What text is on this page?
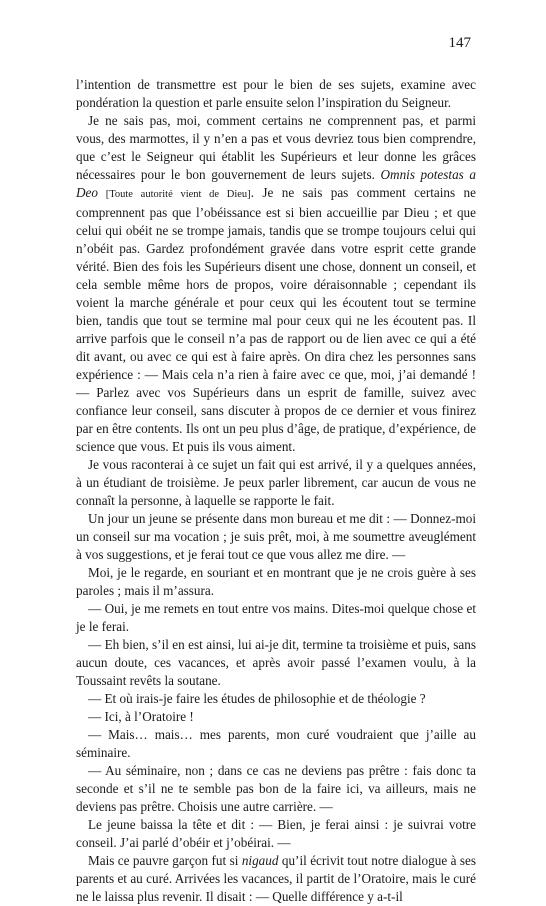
147

l’intention de transmettre est pour le bien de ses sujets, examine avec pondération la question et parle ensuite selon l’inspiration du Seigneur.

Je ne sais pas, moi, comment certains ne comprennent pas, et parmi vous, des marmottes, il y n’en a pas et vous devriez tous bien comprendre, que c’est le Seigneur qui établit les Supérieurs et leur donne les grâces nécessaires pour le bon gouvernement de leurs sujets. Omnis potestas a Deo [Toute autorité vient de Dieu]. Je ne sais pas comment certains ne comprennent pas que l’obéissance est si bien accueillie par Dieu ; et que celui qui obéit ne se trompe jamais, tandis que se trompe toujours celui qui n’obéit pas. Gardez profondément gravée dans votre esprit cette grande vérité. Bien des fois les Supérieurs disent une chose, donnent un conseil, et cela semble même hors de propos, voire déraisonnable ; cependant ils voient la marche générale et pour ceux qui les écoutent tout se termine bien, tandis que tout se termine mal pour ceux qui ne les écoutent pas. Il arrive parfois que le conseil n’a pas de rapport ou de lien avec ce qui a été dit avant, ou avec ce qui est à faire après. On dira chez les personnes sans expérience : — Mais cela n’a rien à faire avec ce que, moi, j’ai demandé ! — Parlez avec vos Supérieurs dans un esprit de famille, suivez avec confiance leur conseil, sans discuter à propos de ce dernier et vous finirez par en être contents. Ils ont un peu plus d’âge, de pratique, d’expérience, de science que vous. Et puis ils vous aiment.

Je vous raconterai à ce sujet un fait qui est arrivé, il y a quelques années, à un étudiant de troisième. Je peux parler librement, car aucun de vous ne connaît la personne, à laquelle se rapporte le fait.

Un jour un jeune se présente dans mon bureau et me dit : — Donnez-moi un conseil sur ma vocation ; je suis prêt, moi, à me soumettre aveuglément à vos suggestions, et je ferai tout ce que vous allez me dire. —

Moi, je le regarde, en souriant et en montrant que je ne crois guère à ses paroles ; mais il m’assura.

— Oui, je me remets en tout entre vos mains. Dites-moi quelque chose et je le ferai.

— Eh bien, s’il en est ainsi, lui ai-je dit, termine ta troisième et puis, sans aucun doute, ces vacances, et après avoir passé l’examen voulu, à la Toussaint revêts la soutane.

— Et où irais-je faire les études de philosophie et de théologie ?

— Ici, à l’Oratoire !

— Mais… mais… mes parents, mon curé voudraient que j’aille au séminaire.

— Au séminaire, non ; dans ce cas ne deviens pas prêtre : fais donc ta seconde et s’il ne te semble pas bon de la faire ici, va ailleurs, mais ne deviens pas prêtre. Choisis une autre carrière. —

Le jeune baissa la tête et dit : — Bien, je ferai ainsi : je suivrai votre conseil. J’ai parlé d’obéir et j’obéirai. —

Mais ce pauvre garçon fut si nigaud qu’il écrivit tout notre dialogue à ses parents et au curé. Arrivées les vacances, il partit de l’Oratoire, mais le curé ne le laissa plus revenir. Il disait : — Quelle différence y a-t-il
